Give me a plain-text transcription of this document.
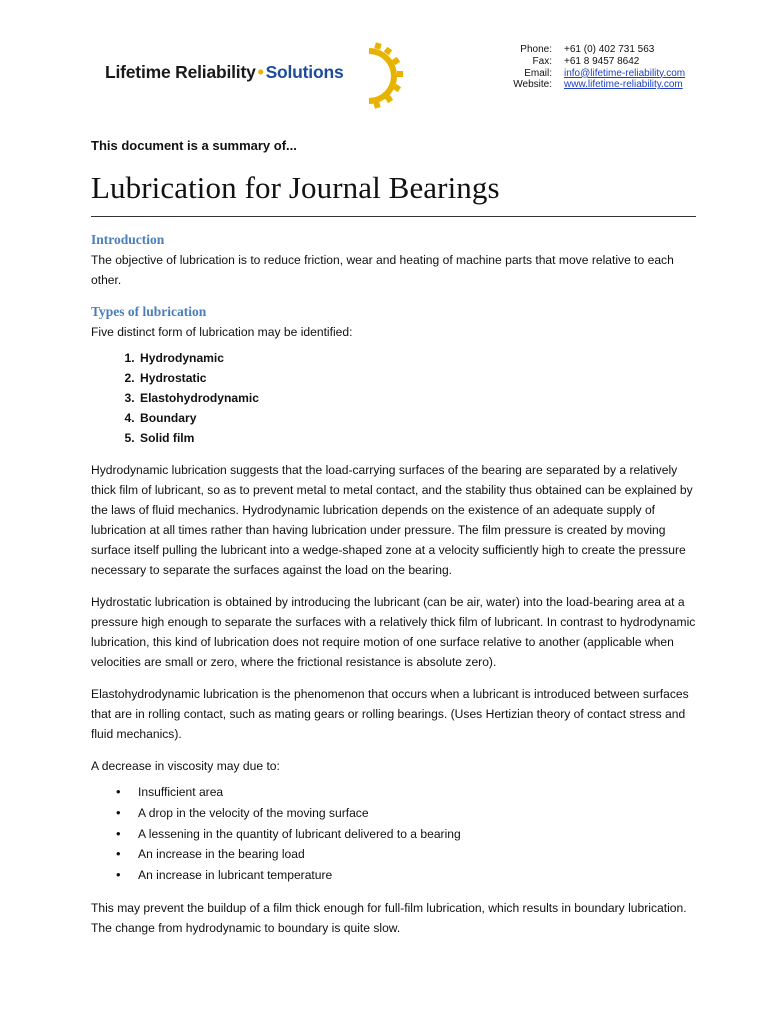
Lifetime Reliability • Solutions
Phone:	+61 (0) 402 731 563
Fax:	+61 8 9457 8642
Email:	info@lifetime-reliability.com
Website:	www.lifetime-reliability.com
This document is a summary of...
Lubrication for Journal Bearings
Introduction

The objective of lubrication is to reduce friction, wear and heating of machine parts that move relative to each other.

Types of lubrication

Five distinct form of lubrication may be identified:

1. Hydrodynamic
2. Hydrostatic
3. Elastohydrodynamic
4. Boundary
5. Solid film

Hydrodynamic lubrication suggests that the load-carrying surfaces of the bearing are separated by a relatively thick film of lubricant, so as to prevent metal to metal contact, and the stability thus obtained can be explained by the laws of fluid mechanics. Hydrodynamic lubrication depends on the existence of an adequate supply of lubrication at all times rather than having lubrication under pressure. The film pressure is created by moving surface itself pulling the lubricant into a wedge-shaped zone at a velocity sufficiently high to create the pressure necessary to separate the surfaces against the load on the bearing.

Hydrostatic lubrication is obtained by introducing the lubricant (can be air, water) into the load-bearing area at a pressure high enough to separate the surfaces with a relatively thick film of lubricant. In contrast to hydrodynamic lubrication, this kind of lubrication does not require motion of one surface relative to another (applicable when velocities are small or zero, where the frictional resistance is absolute zero).

Elastohydrodynamic lubrication is the phenomenon that occurs when a lubricant is introduced between surfaces that are in rolling contact, such as mating gears or rolling bearings. (Uses Hertizian theory of contact stress and fluid mechanics).

A decrease in viscosity may due to:

• Insufficient area
• A drop in the velocity of the moving surface
• A lessening in the quantity of lubricant delivered to a bearing
• An increase in the bearing load
• An increase in lubricant temperature

This may prevent the buildup of a film thick enough for full-film lubrication, which results in boundary lubrication. The change from hydrodynamic to boundary is quite slow.
